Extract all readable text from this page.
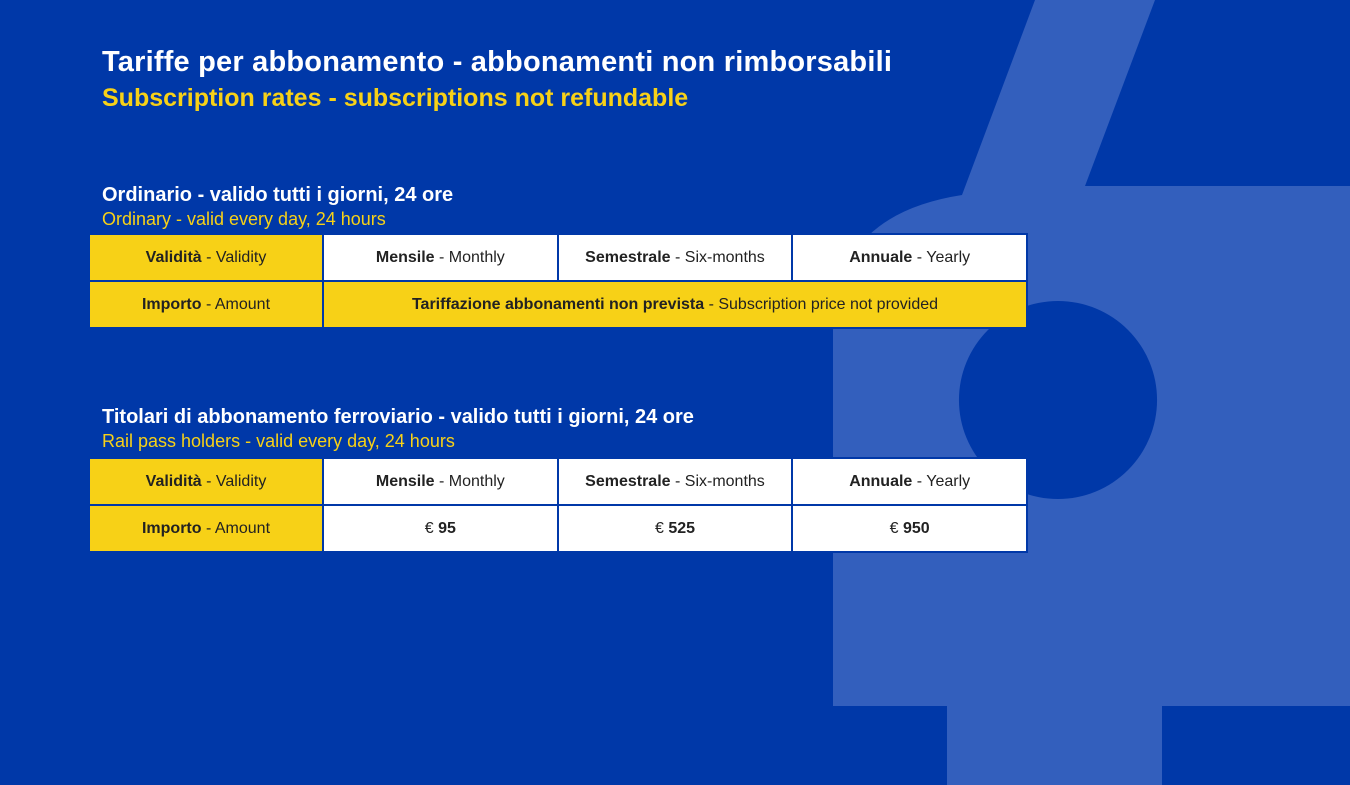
Tariffe per abbonamento - abbonamenti non rimborsabili
Subscription rates - subscriptions not refundable
Ordinario - valido tutti i giorni, 24 ore
Ordinary - valid every day, 24 hours
Validità - Validity	Mensile - Monthly	Semestrale - Six-months	Annuale - Yearly
Importo - Amount	Tariffazione abbonamenti non prevista - Subscription price not provided		
Titolari di abbonamento ferroviario - valido tutti i giorni, 24 ore
Rail pass holders - valid every day, 24 hours
Validità - Validity	Mensile - Monthly	Semestrale - Six-months	Annuale - Yearly
Importo - Amount	€ 95	€ 525	€ 950
